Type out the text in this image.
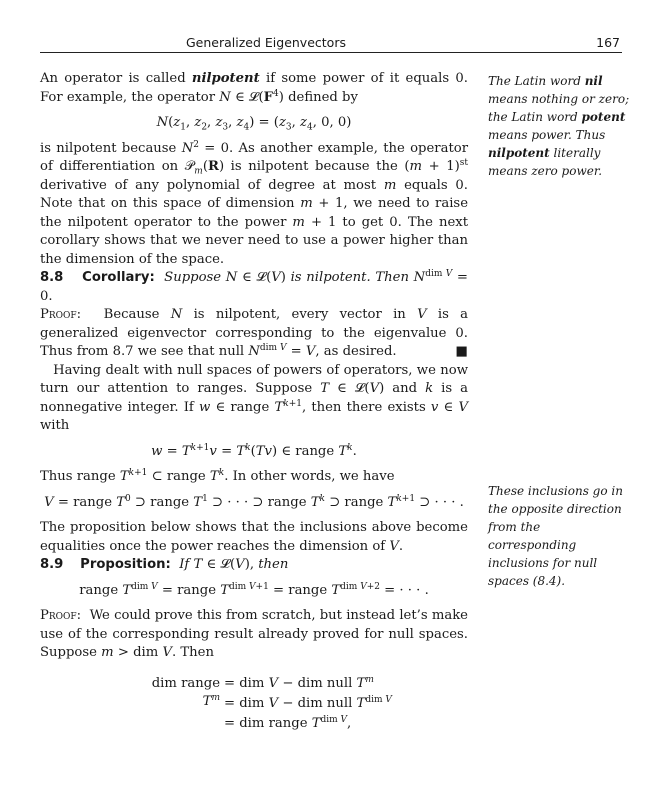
Generalized Eigenvectors	167

An operator is called nilpotent if some power of it equals 0. For example, the operator N ∈ $𝓛(F^4)$ defined by

$N(z_1$, $z_2$, $z_3$, $z_4) = (z_3$, $z_4$, 0, 0)

is nilpotent because $N^2 = 0$. As another example, the operator of differentiation on 𝒫$_m$(R) is nilpotent because the $(m + 1)^{st}$ derivative of any polynomial of degree at most m equals 0. Note that on this space of dimension m + 1, we need to raise the nilpotent operator to the power m + 1 to get 0. The next corollary shows that we never need to use a power higher than the dimension of the space.

8.8 Corollary: Suppose N ∈ 𝓛(V) is nilpotent. Then $N^{dim V} = 0$.

Proof:  Because N is nilpotent, every vector in V is a generalized eigenvector corresponding to the eigenvalue 0. Thus from 8.7 we see that null $N^{dim V} = V$, as desired.	■

Having dealt with null spaces of powers of operators, we now turn our attention to ranges. Suppose T ∈ 𝓛(V) and k is a nonnegative integer. If w ∈ range $T^{k+1}$, then there exists v ∈ V with

$w = T^{k+1}v = T^k(Tv)$ ∈ range $T^k$.

Thus range $T^{k+1}$ ⊂ range $T^k$. In other words, we have

V = range $T^0$ ⊃ range $T^1$ ⊃ · · · ⊃ range $T^k$ ⊃ range $T^{k+1}$ ⊃ · · · .

The proposition below shows that the inclusions above become equalities once the power reaches the dimension of V.

8.9 Proposition: If T ∈ 𝓛(V), then

range $T^{dim V}$ = range $T^{dim V+1}$ = range $T^{dim V+2}$ = · · · .

Proof:  We could prove this from scratch, but instead let’s make use of the corresponding result already proved for null spaces. Suppose m > dim V. Then

dim range $T^m$
= dim V − dim null $T^m$
= dim V − dim null $T^{dim V}$
= dim range $T^{dim V}$,
The Latin word nil means nothing or zero; the Latin word potent means power. Thus nilpotent literally means zero power.
These inclusions go in the opposite direction from the corresponding inclusions for null spaces (8.4).
